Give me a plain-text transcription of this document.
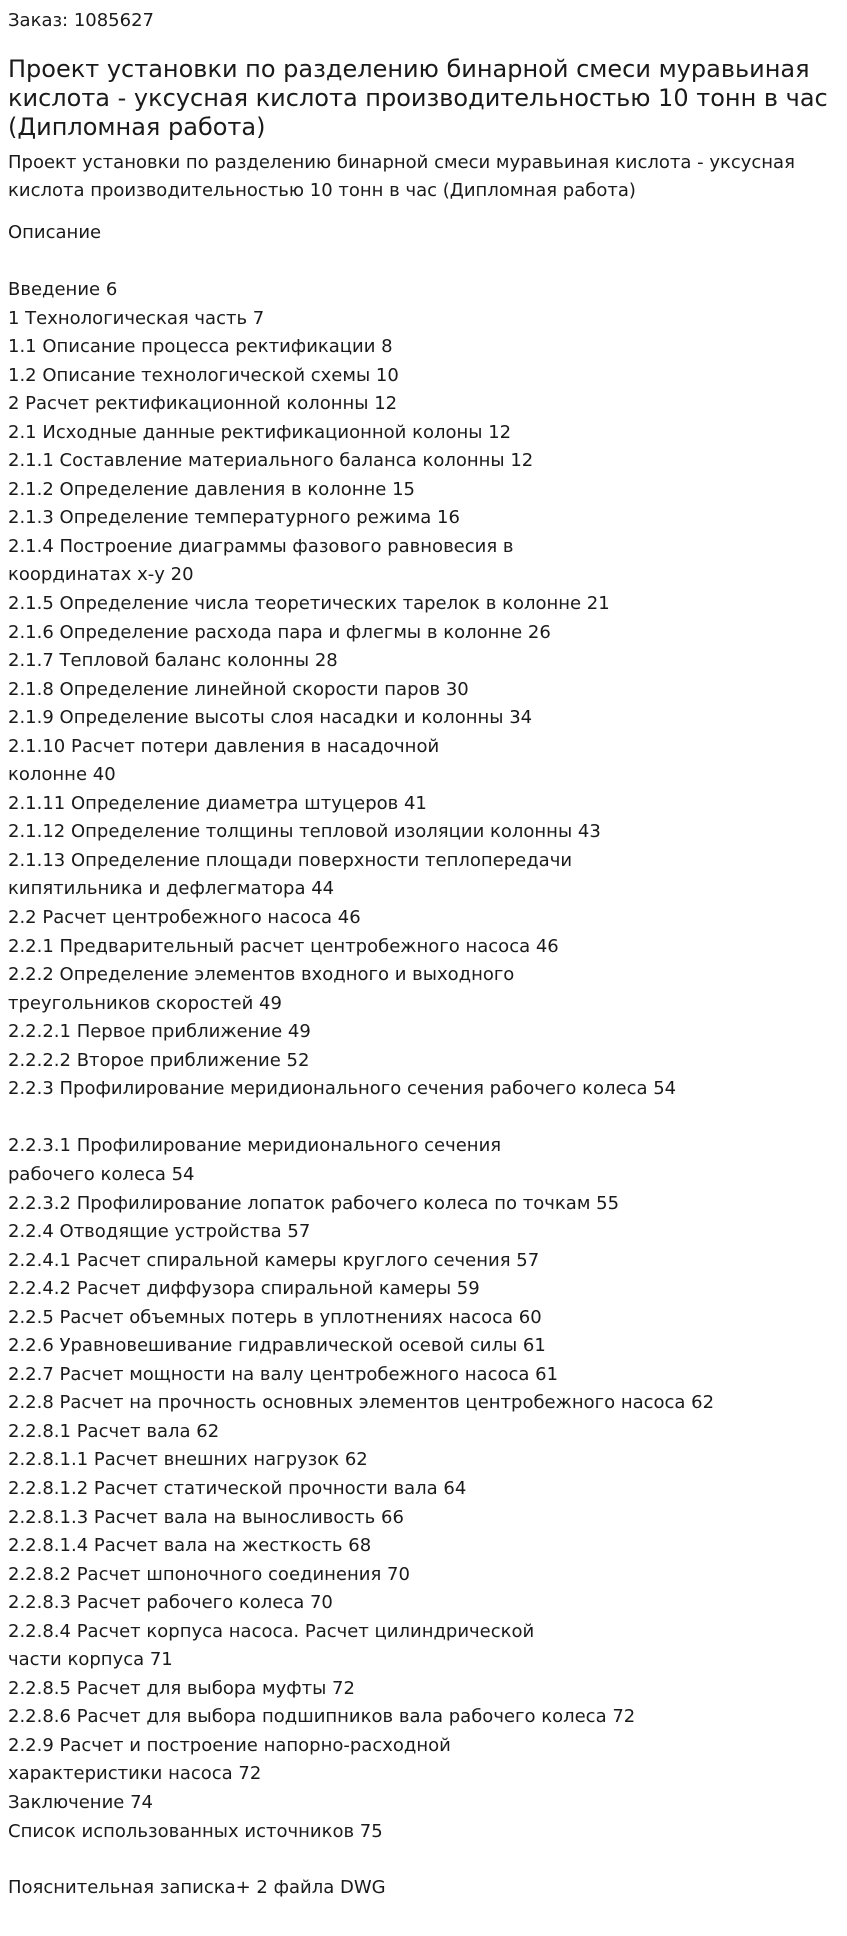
Заказ: 1085627
Проект установки по разделению бинарной смеси муравьиная кислота - уксусная кислота производительностью 10 тонн в час (Дипломная работа)
Проект установки по разделению бинарной смеси муравьиная кислота - уксусная кислота производительностью 10 тонн в час (Дипломная работа)
Описание
Введение 6
1 Технологическая часть 7
1.1 Описание процесса ректификации 8
1.2 Описание технологической схемы 10
2 Расчет ректификационной колонны 12
2.1 Исходные данные ректификационной колоны 12
2.1.1 Составление материального баланса колонны 12
2.1.2 Определение давления в колонне 15
2.1.3 Определение температурного режима 16
2.1.4 Построение диаграммы фазового равновесия в
координатах х-у 20
2.1.5 Определение числа теоретических тарелок в колонне 21
2.1.6 Определение расхода пара и флегмы в колонне 26
2.1.7 Тепловой баланс колонны 28
2.1.8 Определение линейной скорости паров 30
2.1.9 Определение высоты слоя насадки и колонны 34
2.1.10 Расчет потери давления в насадочной
колонне 40
2.1.11 Определение диаметра штуцеров 41
2.1.12 Определение толщины тепловой изоляции колонны 43
2.1.13 Определение площади поверхности теплопередачи
кипятильника и дефлегматора 44
2.2 Расчет центробежного насоса 46
2.2.1 Предварительный расчет центробежного насоса 46
2.2.2 Определение элементов входного и выходного
треугольников скоростей 49
2.2.2.1 Первое приближение 49
2.2.2.2 Второе приближение 52
2.2.3 Профилирование меридионального сечения рабочего колеса 54
2.2.3.1 Профилирование меридионального сечения
рабочего колеса 54
2.2.3.2 Профилирование лопаток рабочего колеса по точкам 55
2.2.4 Отводящие устройства 57
2.2.4.1 Расчет спиральной камеры круглого сечения 57
2.2.4.2 Расчет диффузора спиральной камеры 59
2.2.5 Расчет объемных потерь в уплотнениях насоса 60
2.2.6 Уравновешивание гидравлической осевой силы 61
2.2.7 Расчет мощности на валу центробежного насоса 61
2.2.8 Расчет на прочность основных элементов центробежного насоса 62
2.2.8.1 Расчет вала 62
2.2.8.1.1 Расчет внешних нагрузок 62
2.2.8.1.2 Расчет статической прочности вала 64
2.2.8.1.3 Расчет вала на выносливость 66
2.2.8.1.4 Расчет вала на жесткость 68
2.2.8.2 Расчет шпоночного соединения 70
2.2.8.3 Расчет рабочего колеса 70
2.2.8.4 Расчет корпуса насоса. Расчет цилиндрической
части корпуса 71
2.2.8.5 Расчет для выбора муфты 72
2.2.8.6 Расчет для выбора подшипников вала рабочего колеса 72
2.2.9 Расчет и построение напорно-расходной
характеристики насоса 72
Заключение 74
Список использованных источников 75
Пояснительная записка+ 2 файла DWG
